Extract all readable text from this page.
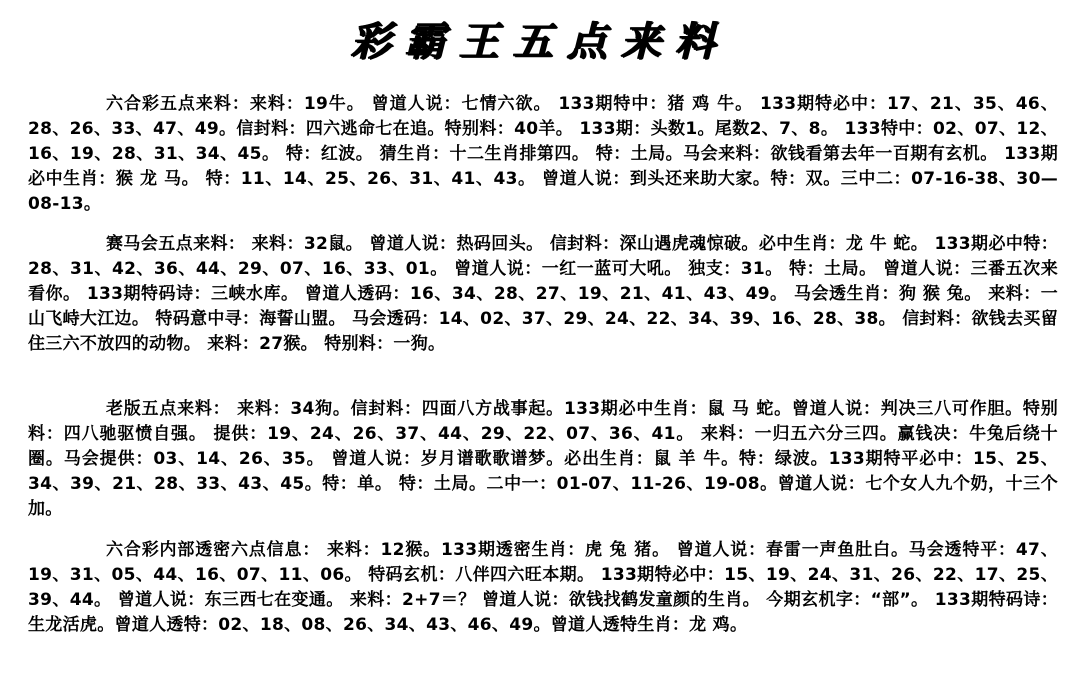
彩霸王五点来料
六合彩五点来料：来料：19牛。 曾道人说：七情六欲。 133期特中：猪 鸡 牛。 133期特必中：17、21、35、46、28、26、33、47、49。信封料：四六逃命七在追。特别料：40羊。 133期：头数1。尾数2、7、8。 133特中：02、07、12、16、19、28、31、34、45。 特：红波。 猜生肖：十二生肖排第四。 特：土局。马会来料：欲钱看第去年一百期有玄机。 133期必中生肖：猴 龙 马。 特：11、14、25、26、31、41、43。 曾道人说：到头还来助大家。特：双。三中二：07-16-38、30—08-13。
赛马会五点来料： 来料：32鼠。 曾道人说：热码回头。 信封料：深山遇虎魂惊破。必中生肖：龙 牛 蛇。 133期必中特：28、31、42、36、44、29、07、16、33、01。 曾道人说：一红一蓝可大吼。 独支：31。 特：土局。 曾道人说：三番五次来看你。 133期特码诗：三峡水库。 曾道人透码：16、34、28、27、19、21、41、43、49。 马会透生肖：狗 猴 兔。 来料：一山飞峙大江边。 特码意中寻：海誓山盟。 马会透码：14、02、37、29、24、22、34、39、16、28、38。 信封料：欲钱去买留住三六不放四的动物。 来料：27猴。 特别料：一狗。
老版五点来料： 来料：34狗。信封料：四面八方战事起。133期必中生肖：鼠 马 蛇。曾道人说：判决三八可作胆。特别料：四八驰驱愤自强。 提供：19、24、26、37、44、29、22、07、36、41。 来料：一归五六分三四。赢钱决：牛兔后绕十圈。马会提供：03、14、26、35。 曾道人说：岁月谱歌歌谱梦。必出生肖：鼠 羊 牛。特：绿波。133期特平必中：15、25、34、39、21、28、33、43、45。特：单。 特：土局。二中一：01-07、11-26、19-08。曾道人说：七个女人九个奶，十三个加。
六合彩内部透密六点信息： 来料：12猴。133期透密生肖：虎 兔 猪。 曾道人说：春雷一声鱼肚白。马会透特平：47、19、31、05、44、16、07、11、06。 特码玄机：八伴四六旺本期。 133期特必中：15、19、24、31、26、22、17、25、39、44。 曾道人说：东三西七在变通。 来料：2+7＝？ 曾道人说：欲钱找鹤发童颜的生肖。 今期玄机字：“部”。 133期特码诗：生龙活虎。曾道人透特：02、18、08、26、34、43、46、49。曾道人透特生肖：龙 鸡。
